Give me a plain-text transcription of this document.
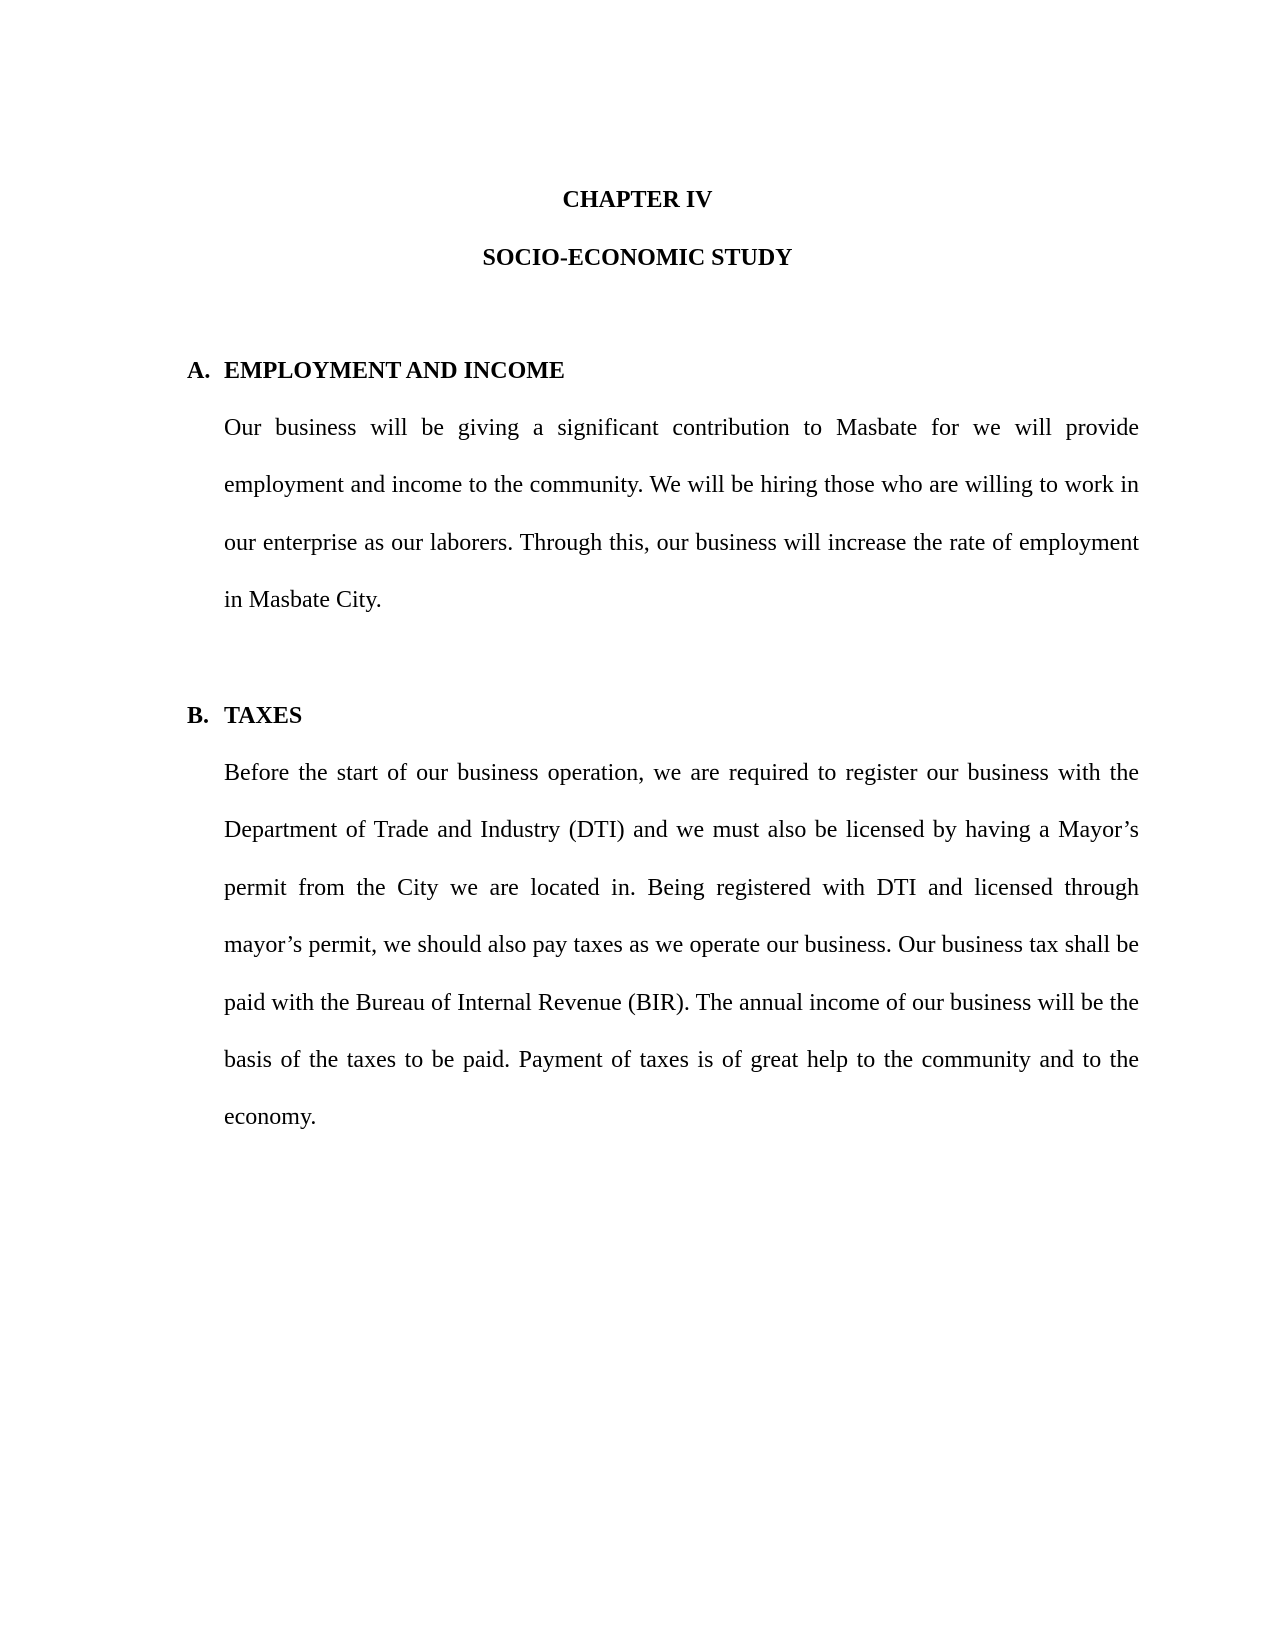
CHAPTER IV
SOCIO-ECONOMIC STUDY
A. EMPLOYMENT AND INCOME

Our business will be giving a significant contribution to Masbate for we will provide employment and income to the community. We will be hiring those who are willing to work in our enterprise as our laborers. Through this, our business will increase the rate of employment in Masbate City.

B. TAXES

Before the start of our business operation, we are required to register our business with the Department of Trade and Industry (DTI) and we must also be licensed by having a Mayor’s permit from the City we are located in. Being registered with DTI and licensed through mayor’s permit, we should also pay taxes as we operate our business. Our business tax shall be paid with the Bureau of Internal Revenue (BIR). The annual income of our business will be the basis of the taxes to be paid. Payment of taxes is of great help to the community and to the economy.
